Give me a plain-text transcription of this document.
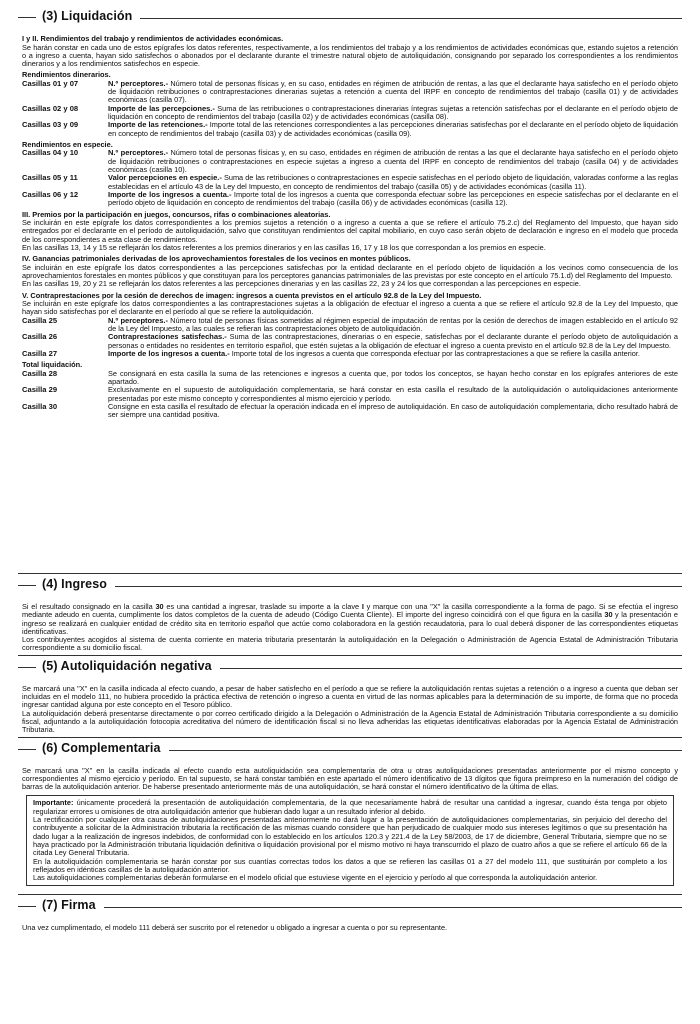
(3) Liquidación

I y II. Rendimientos del trabajo y rendimientos de actividades económicas.

Se harán constar en cada uno de estos epígrafes los datos referentes, respectivamente, a los rendimientos del trabajo y a los rendimientos de actividades económicas que, estando sujetos a retención o a ingreso a cuenta, hayan sido satisfechos o abonados por el declarante durante el trimestre natural objeto de autoliquidación, consignando por separado los correspondientes a los rendimientos dinerarios y a los rendimientos satisfechos en especie.

Rendimientos dinerarios.

Casillas 01 y 07	N.º perceptores.- Número total de personas físicas y, en su caso, entidades en régimen de atribución de rentas, a las que el declarante haya satisfecho en el período objeto de liquidación retribuciones o contraprestaciones dinerarias sujetas a retención a cuenta del IRPF en concepto de rendimientos del trabajo (casilla 01) y de actividades económicas (casilla 07).
Casillas 02 y 08	Importe de las percepciones.- Suma de las retribuciones o contraprestaciones dinerarias íntegras sujetas a retención satisfechas por el declarante en el período objeto de liquidación en concepto de rendimientos del trabajo (casilla 02) y de actividades económicas (casilla 08).
Casillas 03 y 09	Importe de las retenciones.- Importe total de las retenciones correspondientes a las percepciones dinerarias satisfechas por el declarante en el período objeto de liquidación en concepto de rendimientos del trabajo (casilla 03) y de actividades económicas (casilla 09).

Rendimientos en especie.

Casillas 04 y 10	N.º perceptores.- Número total de personas físicas y, en su caso, entidades en régimen de atribución de rentas a las que el declarante haya satisfecho en el período objeto de liquidación retribuciones o contraprestaciones en especie sujetas a ingreso a cuenta del IRPF en concepto de rendimientos del trabajo (casilla 04) y de actividades económicas (casilla 10).
Casillas 05 y 11	Valor percepciones en especie.- Suma de las retribuciones o contraprestaciones en especie satisfechas en el período objeto de liquidación, valoradas conforme a las reglas establecidas en el artículo 43 de la Ley del Impuesto, en concepto de rendimientos del trabajo (casilla 05) y de actividades económicas (casilla 11).
Casillas 06 y 12	Importe de los ingresos a cuenta.- Importe total de los ingresos a cuenta que corresponda efectuar sobre las percepciones en especie satisfechas por el declarante en el período objeto de liquidación en concepto de rendimientos del trabajo (casilla 06) y de actividades económicas (casilla 12).

III. Premios por la participación en juegos, concursos, rifas o combinaciones aleatorias.

Se incluirán en este epígrafe los datos correspondientes a los premios sujetos a retención o a ingreso a cuenta a que se refiere el artículo 75.2.c) del Reglamento del Impuesto, que hayan sido entregados por el declarante en el período de autoliquidación, salvo que constituyan rendimientos del capital mobiliario, en cuyo caso serán objeto de declaración e ingreso en el modelo que proceda de los correspondientes a esta clase de rendimientos.

En las casillas 13, 14 y 15 se reflejarán los datos referentes a los premios dinerarios y en las casillas 16, 17 y 18 los que correspondan a los premios en especie.

IV. Ganancias patrimoniales derivadas de los aprovechamientos forestales de los vecinos en montes públicos.

Se incluirán en este epígrafe los datos correspondientes a las percepciones satisfechas por la entidad declarante en el período objeto de liquidación a los vecinos como consecuencia de los aprovechamientos forestales en montes públicos y que constituyan para los perceptores ganancias patrimoniales de las previstas por este concepto en el artículo 75.1.d) del Reglamento del Impuesto.

En las casillas 19, 20 y 21 se reflejarán los datos referentes a las percepciones dinerarias y en las casillas 22, 23 y 24 los que correspondan a las percepciones en especie.

V. Contraprestaciones por la cesión de derechos de imagen: ingresos a cuenta previstos en el artículo 92.8 de la Ley del Impuesto.

Se incluirán en este epígrafe los datos correspondientes a las contraprestaciones sujetas a la obligación de efectuar el ingreso a cuenta a que se refiere el artículo 92.8 de la Ley del Impuesto, que hayan sido satisfechas por el declarante en el período al que se refiere la autoliquidación.

Casilla 25	N.º perceptores.- Número total de personas físicas sometidas al régimen especial de imputación de rentas por la cesión de derechos de imagen establecido en el artículo 92 de la Ley del Impuesto, a las cuales se refieran las contraprestaciones objeto de autoliquidación.
Casilla 26	Contraprestaciones satisfechas.- Suma de las contraprestaciones, dinerarias o en especie, satisfechas por el declarante durante el período objeto de autoliquidación a personas o entidades no residentes en territorio español, que estén sujetas a la obligación de efectuar el ingreso a cuenta previsto en el artículo 92.8 de la Ley del Impuesto.
Casilla 27	Importe de los ingresos a cuenta.- Importe total de los ingresos a cuenta que corresponda efectuar por las contraprestaciones a que se refiere la casilla anterior.

Total liquidación.

Casilla 28	Se consignará en esta casilla la suma de las retenciones e ingresos a cuenta que, por todos los conceptos, se hayan hecho constar en los epígrafes anteriores de este apartado.
Casilla 29	Exclusivamente en el supuesto de autoliquidación complementaria, se hará constar en esta casilla el resultado de la autoliquidación o autoliquidaciones anteriormente presentadas por este mismo concepto y correspondientes al mismo ejercicio y período.
Casilla 30	Consigne en esta casilla el resultado de efectuar la operación indicada en el impreso de autoliquidación. En caso de autoliquidación complementaria, dicho resultado habrá de ser siempre una cantidad positiva.
(4) Ingreso

Si el resultado consignado en la casilla 30 es una cantidad a ingresar, traslade su importe a la clave I y marque con una "X" la casilla correspondiente a la forma de pago. Si se efectúa el ingreso mediante adeudo en cuenta, cumplimente los datos completos de la cuenta de adeudo (Código Cuenta Cliente). El importe del ingreso coincidirá con el que figura en la casilla 30 y la presentación e ingreso se realizará en cualquier entidad de crédito sita en territorio español que actúe como colaboradora en la gestión recaudatoria, para lo cual deberá disponer de las correspondientes etiquetas identificativas.

Los contribuyentes acogidos al sistema de cuenta corriente en materia tributaria presentarán la autoliquidación en la Delegación o Administración de Agencia Estatal de Administración Tributaria correspondiente a su domicilio fiscal.

(5) Autoliquidación negativa

Se marcará una "X" en la casilla indicada al efecto cuando, a pesar de haber satisfecho en el período a que se refiere la autoliquidación rentas sujetas a retención o a ingreso a cuenta que deban ser incluidas en el modelo 111, no hubiera procedido la práctica efectiva de retención o ingreso a cuenta en virtud de las normas aplicables para la determinación de su importe, de forma que no proceda ingresar cantidad alguna por este concepto en el Tesoro público.

La autoliquidación deberá presentarse directamente o por correo certificado dirigido a la Delegación o Administración de la Agencia Estatal de Administración Tributaria correspondiente a su domicilio fiscal, adjuntando a la autoliquidación fotocopia acreditativa del número de identificación fiscal si no lleva adheridas las etiquetas identificativas elaboradas por la Agencia Estatal de Administración Tributaria.

(6) Complementaria

Se marcará una "X" en la casilla indicada al efecto cuando esta autoliquidación sea complementaria de otra u otras autoliquidaciones presentadas anteriormente por el mismo concepto y correspondientes al mismo ejercicio y período. En tal supuesto, se hará constar también en este apartado el número identificativo de 13 dígitos que figura preimpreso en la numeración del código de barras de la autoliquidación anterior. De haberse presentado anteriormente más de una autoliquidación, se hará constar el número identificativo de la última de ellas.

Importante: únicamente procederá la presentación de autoliquidación complementaria, de la que necesariamente habrá de resultar una cantidad a ingresar, cuando ésta tenga por objeto regularizar errores u omisiones de otra autoliquidación anterior que hubieran dado lugar a un resultado inferior al debido.

La rectificación por cualquier otra causa de autoliquidaciones presentadas anteriormente no dará lugar a la presentación de autoliquidaciones complementarias, sin perjuicio del derecho del contribuyente a solicitar de la Administración tributaria la rectificación de las mismas cuando considere que han perjudicado de cualquier modo sus intereses legítimos o que su presentación ha dado lugar a la realización de ingresos indebidos, de conformidad con lo establecido en los artículos 120.3 y 221.4 de la Ley 58/2003, de 17 de diciembre, General Tributaria, siempre que no se haya practicado por la Administración tributaria liquidación definitiva o liquidación provisional por el mismo motivo ni haya transcurrido el plazo de cuatro años a que se refiere el artículo 66 de la citada Ley General Tributaria.

En la autoliquidación complementaria se harán constar por sus cuantías correctas todos los datos a que se refieren las casillas 01 a 27 del modelo 111, que sustituirán por completo a los reflejados en idénticas casillas de la autoliquidación anterior.

Las autoliquidaciones complementarias deberán formularse en el modelo oficial que estuviese vigente en el ejercicio y período al que corresponda la autoliquidación anterior.

(7) Firma

Una vez cumplimentado, el modelo 111 deberá ser suscrito por el retenedor u obligado a ingresar a cuenta o por su representante.
